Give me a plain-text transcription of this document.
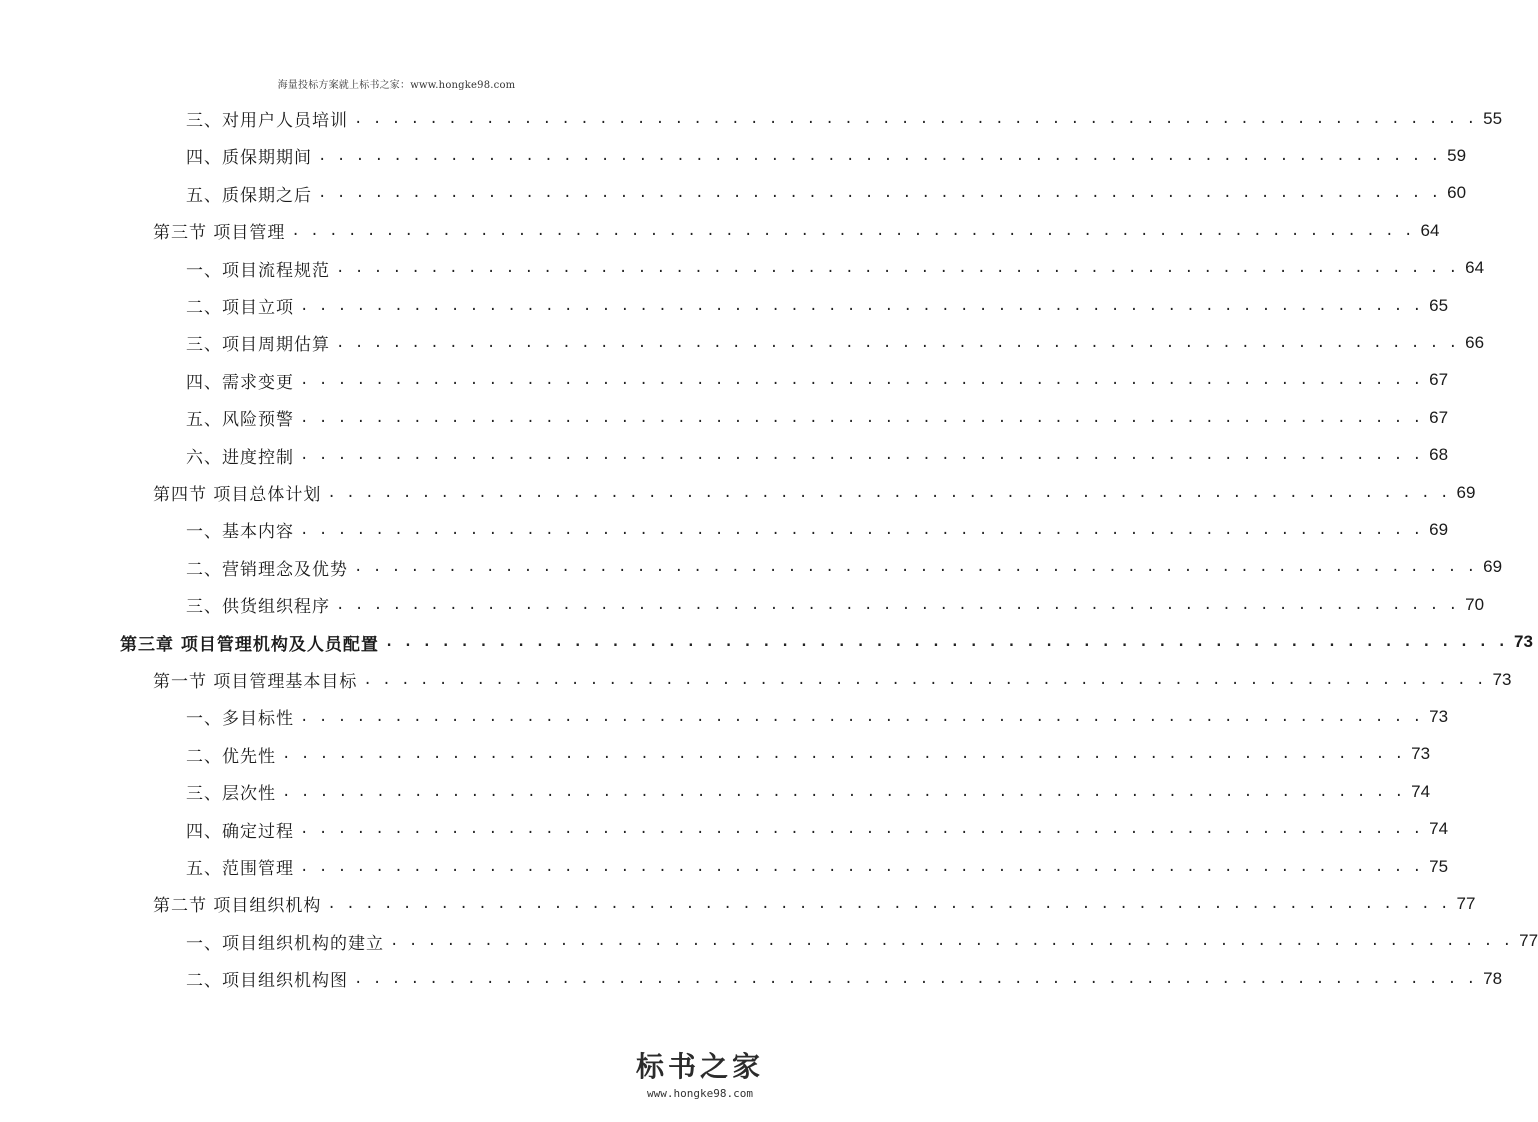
海量投标方案就上标书之家：www.hongke98.com
三、对用户人员培训 . . . . . . . . . . . . . . . . . . . . . . . . . . . . . . . . . . . . . . . . . . . . . . . . . . . . . . . . . . . . 55
四、质保期期间 . . . . . . . . . . . . . . . . . . . . . . . . . . . . . . . . . . . . . . . . . . . . . . . . . . . . . . . . . . . . 59
五、质保期之后 . . . . . . . . . . . . . . . . . . . . . . . . . . . . . . . . . . . . . . . . . . . . . . . . . . . . . . . . . . . . 60
第三节 项目管理 . . . . . . . . . . . . . . . . . . . . . . . . . . . . . . . . . . . . . . . . . . . . . . . . . . . . . . . . . . . . 64
一、项目流程规范 . . . . . . . . . . . . . . . . . . . . . . . . . . . . . . . . . . . . . . . . . . . . . . . . . . . . . . . . . . . . 64
二、项目立项 . . . . . . . . . . . . . . . . . . . . . . . . . . . . . . . . . . . . . . . . . . . . . . . . . . . . . . . . . . . . 65
三、项目周期估算 . . . . . . . . . . . . . . . . . . . . . . . . . . . . . . . . . . . . . . . . . . . . . . . . . . . . . . . . . . . . 66
四、需求变更 . . . . . . . . . . . . . . . . . . . . . . . . . . . . . . . . . . . . . . . . . . . . . . . . . . . . . . . . . . . . 67
五、风险预警 . . . . . . . . . . . . . . . . . . . . . . . . . . . . . . . . . . . . . . . . . . . . . . . . . . . . . . . . . . . . 67
六、进度控制 . . . . . . . . . . . . . . . . . . . . . . . . . . . . . . . . . . . . . . . . . . . . . . . . . . . . . . . . . . . . 68
第四节 项目总体计划 . . . . . . . . . . . . . . . . . . . . . . . . . . . . . . . . . . . . . . . . . . . . . . . . . . . . . . . . . . . . 69
一、基本内容 . . . . . . . . . . . . . . . . . . . . . . . . . . . . . . . . . . . . . . . . . . . . . . . . . . . . . . . . . . . . 69
二、营销理念及优势 . . . . . . . . . . . . . . . . . . . . . . . . . . . . . . . . . . . . . . . . . . . . . . . . . . . . . . . . . . . . 69
三、供货组织程序 . . . . . . . . . . . . . . . . . . . . . . . . . . . . . . . . . . . . . . . . . . . . . . . . . . . . . . . . . . . . 70
第三章 项目管理机构及人员配置 . . . . . . . . . . . . . . . . . . . . . . . . . . . . . . . . . . . . . . . . . . . . . . . . . . . . . . . . . . . . 73
第一节 项目管理基本目标 . . . . . . . . . . . . . . . . . . . . . . . . . . . . . . . . . . . . . . . . . . . . . . . . . . . . . . . . . . . . 73
一、多目标性 . . . . . . . . . . . . . . . . . . . . . . . . . . . . . . . . . . . . . . . . . . . . . . . . . . . . . . . . . . . . 73
二、优先性 . . . . . . . . . . . . . . . . . . . . . . . . . . . . . . . . . . . . . . . . . . . . . . . . . . . . . . . . . . . . 73
三、层次性 . . . . . . . . . . . . . . . . . . . . . . . . . . . . . . . . . . . . . . . . . . . . . . . . . . . . . . . . . . . . 74
四、确定过程 . . . . . . . . . . . . . . . . . . . . . . . . . . . . . . . . . . . . . . . . . . . . . . . . . . . . . . . . . . . . 74
五、范围管理 . . . . . . . . . . . . . . . . . . . . . . . . . . . . . . . . . . . . . . . . . . . . . . . . . . . . . . . . . . . . 75
第二节 项目组织机构 . . . . . . . . . . . . . . . . . . . . . . . . . . . . . . . . . . . . . . . . . . . . . . . . . . . . . . . . . . . . 77
一、项目组织机构的建立 . . . . . . . . . . . . . . . . . . . . . . . . . . . . . . . . . . . . . . . . . . . . . . . . . . . . . . . . . . . . 77
二、项目组织机构图 . . . . . . . . . . . . . . . . . . . . . . . . . . . . . . . . . . . . . . . . . . . . . . . . . . . . . . . . . . . . 78
标书之家
www.hongke98.com
